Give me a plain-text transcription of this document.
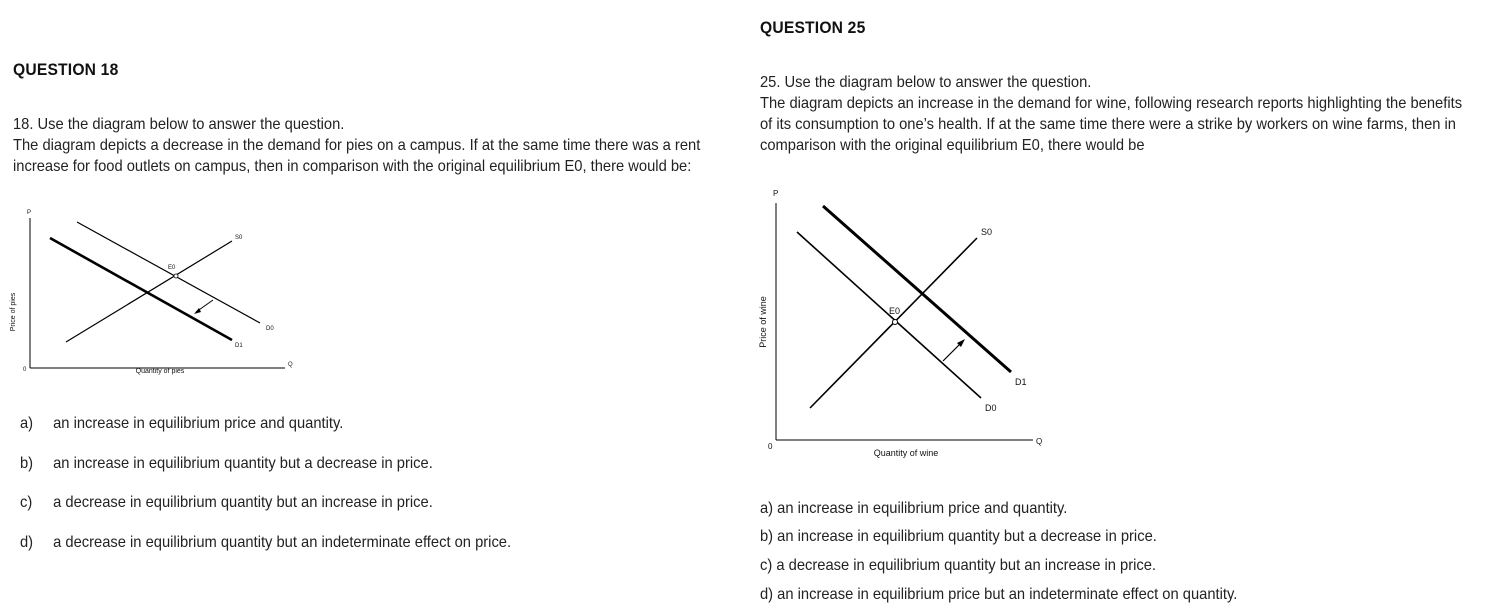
QUESTION 18
18. Use the diagram below to answer the question.
The diagram depicts a decrease in the demand for pies on a campus. If at the same time there was a rent
increase for food outlets on campus, then in comparison with the original equilibrium E0, there would be:
P
0
Q
Price of pies
Quantity of pies
S0
D0
D1
E0
a) an increase in equilibrium price and quantity.
b) an increase in equilibrium quantity but a decrease in price.
c) a decrease in equilibrium quantity but an increase in price.
d) a decrease in equilibrium quantity but an indeterminate effect on price.
QUESTION 25
25. Use the diagram below to answer the question.
The diagram depicts an increase in the demand for wine, following research reports highlighting the benefits
of its consumption to one’s health. If at the same time there were a strike by workers on wine farms, then in
comparison with the original equilibrium E0, there would be
P
0
Q
Price of wine
Quantity of wine
S0
D0
D1
E0
a) an increase in equilibrium price and quantity.
b) an increase in equilibrium quantity but a decrease in price.
c) a decrease in equilibrium quantity but an increase in price.
d) an increase in equilibrium price but an indeterminate effect on quantity.
